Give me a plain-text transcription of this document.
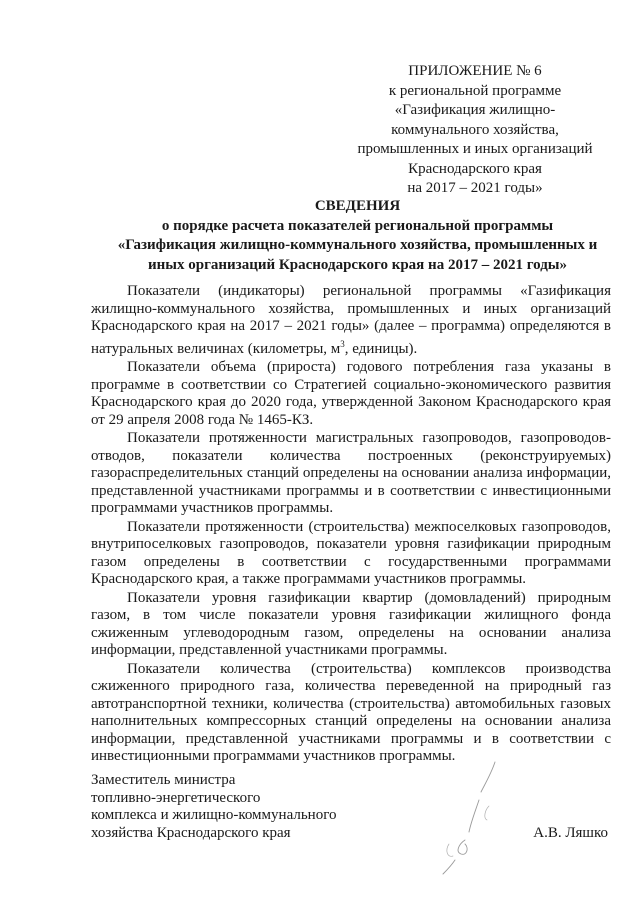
ПРИЛОЖЕНИЕ № 6
к региональной программе
«Газификация жилищно-
коммунального хозяйства,
промышленных и иных организаций
Краснодарского края
на 2017 – 2021 годы»
СВЕДЕНИЯ
о порядке расчета показателей региональной программы
«Газификация жилищно-коммунального хозяйства, промышленных и
иных организаций Краснодарского края на 2017 – 2021 годы»

Показатели (индикаторы) региональной программы «Газификация жилищно-коммунального хозяйства, промышленных и иных организаций Краснодарского края на 2017 – 2021 годы» (далее – программа) определяются в натуральных величинах (километры, $м^3$, единицы).

Показатели объема (прироста) годового потребления газа указаны в программе в соответствии со Стратегией социально-экономического развития Краснодарского края до 2020 года, утвержденной Законом Краснодарского края от 29 апреля 2008 года № 1465-КЗ.

Показатели протяженности магистральных газопроводов, газопроводов-отводов, показатели количества построенных (реконструируемых) газораспределительных станций определены на основании анализа информации, представленной участниками программы и в соответствии с инвестиционными программами участников программы.

Показатели протяженности (строительства) межпоселковых газопроводов, внутрипоселковых газопроводов, показатели уровня газификации природным газом определены в соответствии с государственными программами Краснодарского края, а также программами участников программы.

Показатели уровня газификации квартир (домовладений) природным газом, в том числе показатели уровня газификации жилищного фонда сжиженным углеводородным газом, определены на основании анализа информации, представленной участниками программы.

Показатели количества (строительства) комплексов производства сжиженного природного газа, количества переведенной на природный газ автотранспортной техники, количества (строительства) автомобильных газовых наполнительных компрессорных станций определены на основании анализа информации, представленной участниками программы и в соответствии с инвестиционными программами участников программы.

Заместитель министра
топливно-энергетического
комплекса и жилищно-коммунального
хозяйства Краснодарского края	А.В. Ляшко
